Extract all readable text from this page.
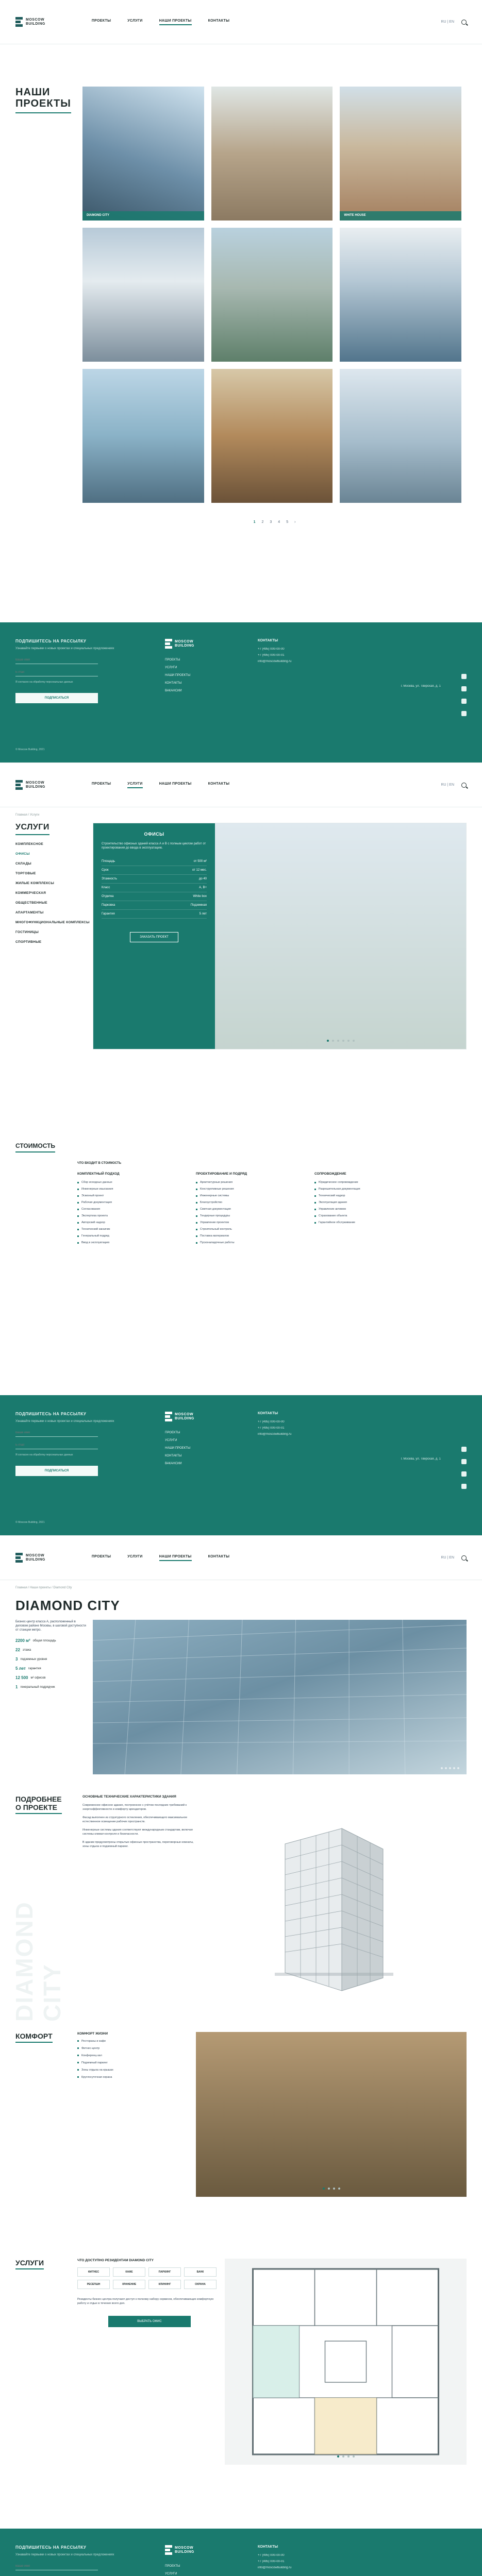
MOSCOW
BUILDING
ПРОЕКТЫ	УСЛУГИ	НАШИ ПРОЕКТЫ	КОНТАКТЫ	RU | EN
НАШИ
ПРОЕКТЫ
DIAMOND CITY	WHITE HOUSE
1 2 3 4 5 ›
ПОДПИШИТЕСЬ НА РАССЫЛКУ

Узнавайте первыми о новых проектах и специальных предложениях

Ваше имя
E-mail
Я согласен на обработку персональных данных
ПОДПИСАТЬСЯ
MOSCOW
BUILDING
ПРОЕКТЫ
УСЛУГИ
НАШИ ПРОЕКТЫ
КОНТАКТЫ
ВАКАНСИИ
КОНТАКТЫ

+7 (495) 000-00-00

+7 (495) 000-00-01

info@moscowbuilding.ru

г. Москва, ул. Тверская, д. 1
© Moscow Building, 2021
MOSCOW
BUILDING
ПРОЕКТЫ	УСЛУГИ	НАШИ ПРОЕКТЫ	КОНТАКТЫ	RU | EN
Главная / Услуги
УСЛУГИ
КОМПЛЕКСНОЕ
ОФИСЫ
СКЛАДЫ
ТОРГОВЫЕ
ЖИЛЫЕ КОМПЛЕКСЫ
КОММЕРЧЕСКАЯ
ОБЩЕСТВЕННЫЕ
АПАРТАМЕНТЫ
МНОГОФУНКЦИОНАЛЬНЫЕ КОМПЛЕКСЫ
ГОСТИНИЦЫ
СПОРТИВНЫЕ
ОФИСЫ

Строительство офисных зданий класса А и B с полным циклом работ от проектирования до ввода в эксплуатацию.

Площадь	от 500 м²
Срок	от 12 мес.
Этажность	до 40
Класс	A, B+
Отделка	White box
Парковка	Подземная
Гарантия	5 лет
ЗАКАЗАТЬ ПРОЕКТ
СТОИМОСТЬ
ЧТО ВХОДИТ В СТОИМОСТЬ
КОМПЛЕКТНЫЙ ПОДХОД
Сбор исходных данных
Инженерные изыскания
Эскизный проект
Рабочая документация
Согласования
Экспертиза проекта
Авторский надзор
Технический заказчик
Генеральный подряд
Ввод в эксплуатацию
ПРОЕКТИРОВАНИЕ И ПОДРЯД
Архитектурные решения
Конструктивные решения
Инженерные системы
Благоустройство
Сметная документация
Тендерные процедуры
Управление проектом
Строительный контроль
Поставка материалов
Пусконаладочные работы
СОПРОВОЖДЕНИЕ
Юридическое сопровождение
Разрешительная документация
Технический надзор
Эксплуатация здания
Управление активом
Страхование объекта
Гарантийное обслуживание
ПОДПИШИТЕСЬ НА РАССЫЛКУ

Узнавайте первыми о новых проектах и специальных предложениях

Ваше имя
E-mail
Я согласен на обработку персональных данных
ПОДПИСАТЬСЯ
MOSCOW
BUILDING
ПРОЕКТЫ
УСЛУГИ
НАШИ ПРОЕКТЫ
КОНТАКТЫ
ВАКАНСИИ
КОНТАКТЫ

+7 (495) 000-00-00

+7 (495) 000-00-01

info@moscowbuilding.ru

г. Москва, ул. Тверская, д. 1
© Moscow Building, 2021
MOSCOW
BUILDING
ПРОЕКТЫ	УСЛУГИ	НАШИ ПРОЕКТЫ	КОНТАКТЫ	RU | EN
Главная / Наши проекты / Diamond City
DIAMOND CITY

Бизнес-центр класса А, расположенный в деловом районе Москвы, в шаговой доступности от станции метро.

2200 м² общая площадь
22 этажа
3 подземных уровня
5 лет гарантия
12 500 м² офисов
1 генеральный подрядчик
DIAMOND CITY
ПОДРОБНЕЕ
О ПРОЕКТЕ
ОСНОВНЫЕ ТЕХНИЧЕСКИЕ ХАРАКТЕРИСТИКИ ЗДАНИЯ

Современное офисное здание, построенное с учётом последних требований к энергоэффективности и комфорту арендаторов.

Фасад выполнен из структурного остекления, обеспечивающего максимальное естественное освещение рабочих пространств.

Инженерные системы здания соответствуют международным стандартам, включая системы климат-контроля и безопасности.

В здании предусмотрены открытые офисные пространства, переговорные комнаты, зоны отдыха и подземный паркинг.

КОМФОРТ	КОМФОРТ ЖИЗНИ
Рестораны и кафе
Фитнес-центр
Конференц-зал
Подземный паркинг
Зоны отдыха на крышах
Круглосуточная охрана
УСЛУГИ	ЧТО ДОСТУПНО РЕЗИДЕНТАМ DIAMOND CITY
ФИТНЕС	КАФЕ	ПАРКИНГ	БАНК
РЕСЕПШН	ХРАНЕНИЕ	КЛИНИНГ	ОХРАНА
Резиденты бизнес-центра получают доступ к полному набору сервисов, обеспечивающих комфортную работу и отдых в течение всего дня.
ВЫБРАТЬ ОФИС
ПОДПИШИТЕСЬ НА РАССЫЛКУ

Узнавайте первыми о новых проектах и специальных предложениях

Ваше имя
E-mail
MOSCOW
BUILDING
ПРОЕКТЫ
УСЛУГИ
КОНТАКТЫ

+7 (495) 000-00-00

+7 (495) 000-00-01

info@moscowbuilding.ru
